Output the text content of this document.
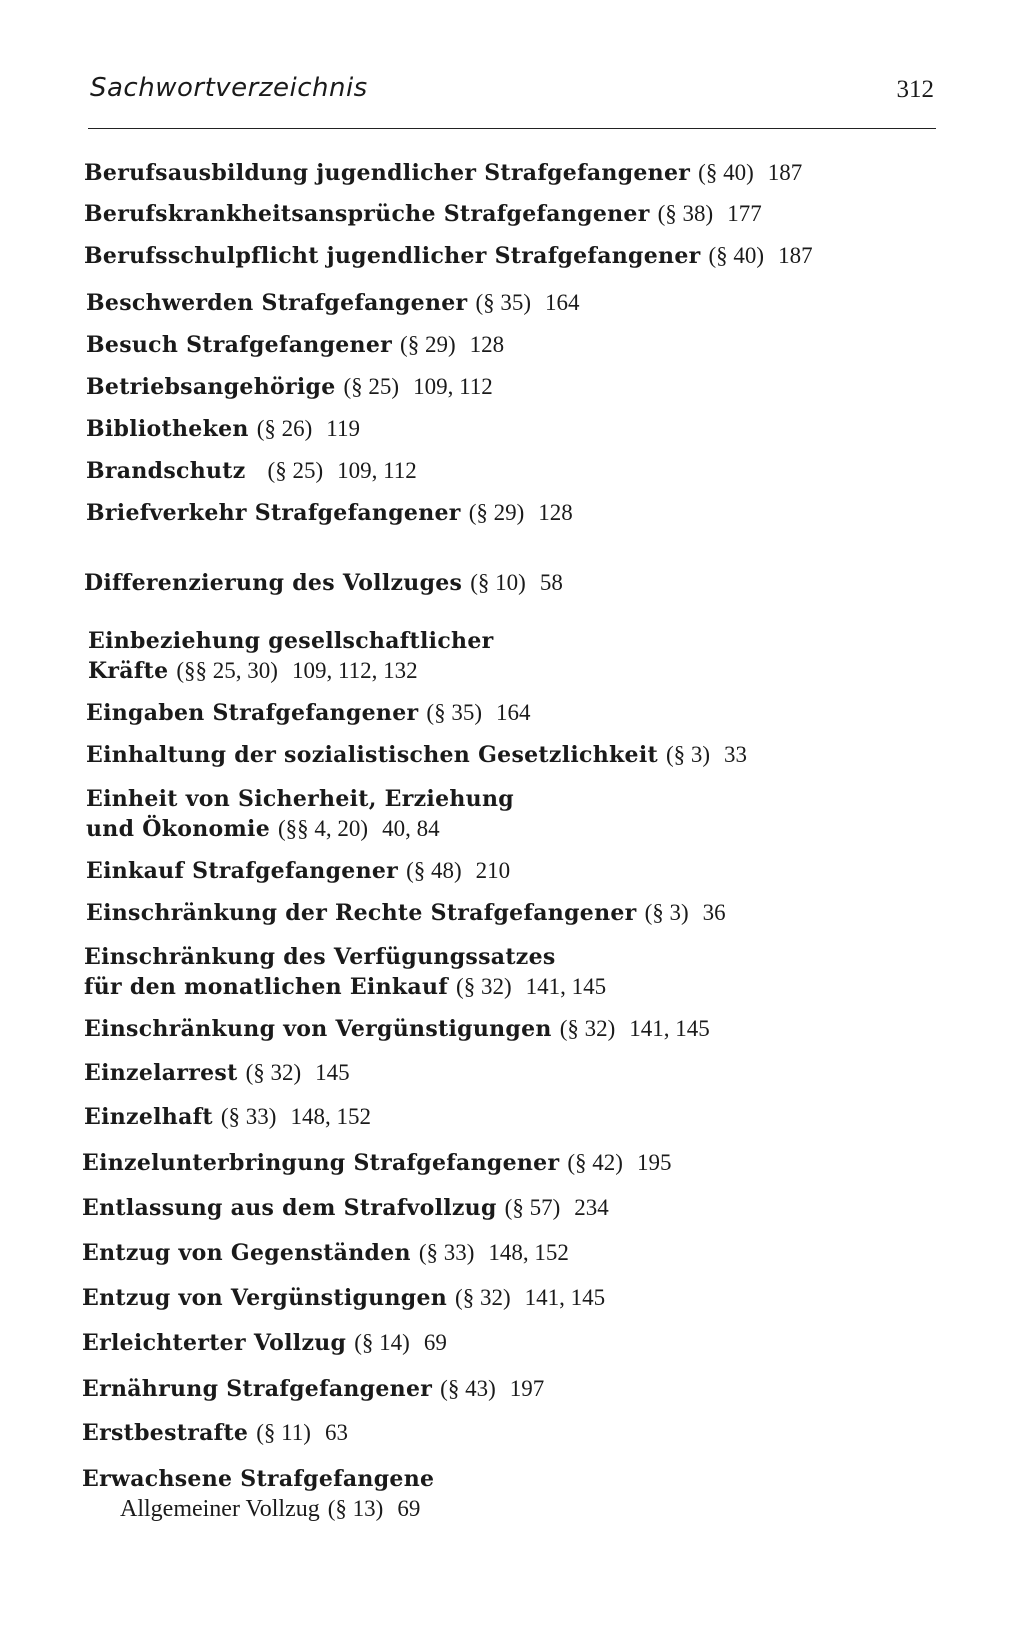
Sachwortverzeichnis	312
Berufsausbildung jugendlicher Strafgefangener (§ 40) 187
Berufskrankheitsansprüche Strafgefangener (§ 38) 177
Berufsschulpflicht jugendlicher Strafgefangener (§ 40) 187
Beschwerden Strafgefangener (§ 35) 164
Besuch Strafgefangener (§ 29) 128
Betriebsangehörige (§ 25) 109, 112
Bibliotheken (§ 26) 119
Brandschutz (§ 25) 109, 112
Briefverkehr Strafgefangener (§ 29) 128
Differenzierung des Vollzuges (§ 10) 58
Einbeziehung gesellschaftlicher
Kräfte (§§ 25, 30) 109, 112, 132
Eingaben Strafgefangener (§ 35) 164
Einhaltung der sozialistischen Gesetzlichkeit (§ 3) 33
Einheit von Sicherheit, Erziehung
und Ökonomie (§§ 4, 20) 40, 84
Einkauf Strafgefangener (§ 48) 210
Einschränkung der Rechte Strafgefangener (§ 3) 36
Einschränkung des Verfügungssatzes
für den monatlichen Einkauf (§ 32) 141, 145
Einschränkung von Vergünstigungen (§ 32) 141, 145
Einzelarrest (§ 32) 145
Einzelhaft (§ 33) 148, 152
Einzelunterbringung Strafgefangener (§ 42) 195
Entlassung aus dem Strafvollzug (§ 57) 234
Entzug von Gegenständen (§ 33) 148, 152
Entzug von Vergünstigungen (§ 32) 141, 145
Erleichterter Vollzug (§ 14) 69
Ernährung Strafgefangener (§ 43) 197
Erstbestrafte (§ 11) 63
Erwachsene Strafgefangene
Allgemeiner Vollzug (§ 13) 69
